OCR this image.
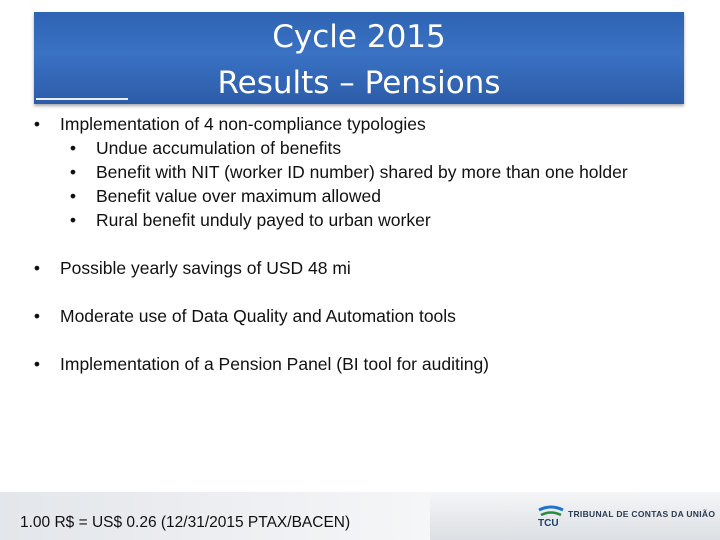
Cycle 2015
Results – Pensions

• Implementation of 4 non-compliance typologies

• Undue accumulation of benefits
• Benefit with NIT (worker ID number) shared by more than one holder
• Benefit value over maximum allowed
• Rural benefit unduly payed to urban worker

• Possible yearly savings of USD 48 mi

• Moderate use of Data Quality and Automation tools

• Implementation of a Pension Panel (BI tool for auditing)

1.00 R$ = US$ 0.26 (12/31/2015 PTAX/BACEN)	TCU
TRIBUNAL DE CONTAS DA UNIÃO
